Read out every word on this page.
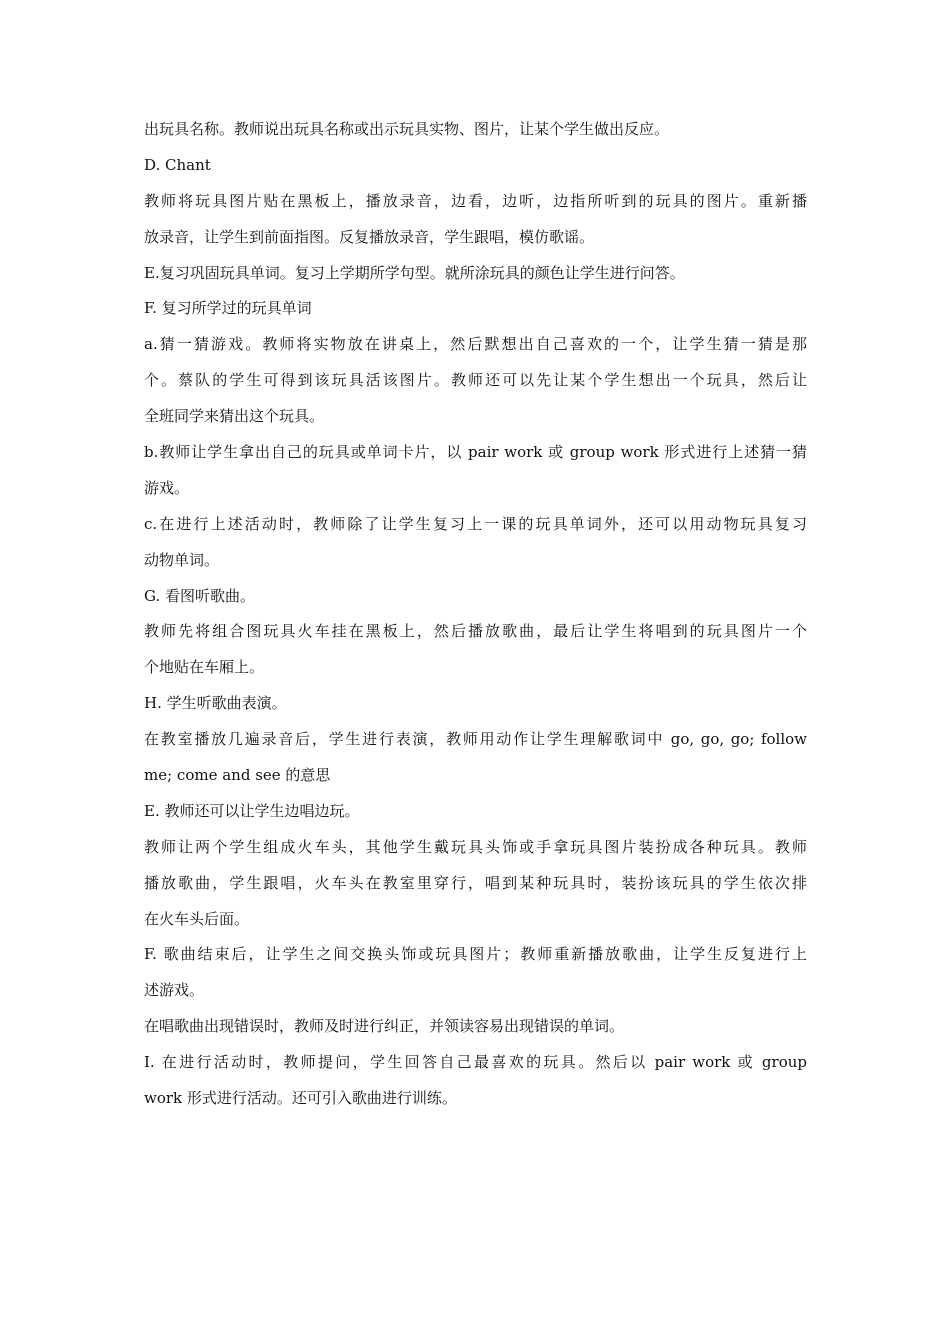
出玩具名称。教师说出玩具名称或出示玩具实物、图片，让某个学生做出反应。
D. Chant
教师将玩具图片贴在黑板上，播放录音，边看，边听，边指所听到的玩具的图片。重新播
放录音，让学生到前面指图。反复播放录音，学生跟唱，模仿歌谣。
E.复习巩固玩具单词。复习上学期所学句型。就所涂玩具的颜色让学生进行问答。
F. 复习所学过的玩具单词
a.猜一猜游戏。教师将实物放在讲桌上，然后默想出自己喜欢的一个，让学生猜一猜是那
个。蔡队的学生可得到该玩具活该图片。教师还可以先让某个学生想出一个玩具，然后让
全班同学来猜出这个玩具。
b.教师让学生拿出自己的玩具或单词卡片，以 pair work 或 group work 形式进行上述猜一猜
游戏。
c.在进行上述活动时，教师除了让学生复习上一课的玩具单词外，还可以用动物玩具复习
动物单词。
G. 看图听歌曲。
教师先将组合图玩具火车挂在黑板上，然后播放歌曲，最后让学生将唱到的玩具图片一个
个地贴在车厢上。
H. 学生听歌曲表演。
在教室播放几遍录音后，学生进行表演，教师用动作让学生理解歌词中 go, go, go; follow
me; come and see 的意思
E. 教师还可以让学生边唱边玩。
教师让两个学生组成火车头，其他学生戴玩具头饰或手拿玩具图片装扮成各种玩具。教师
播放歌曲，学生跟唱，火车头在教室里穿行，唱到某种玩具时，装扮该玩具的学生依次排
在火车头后面。
F. 歌曲结束后，让学生之间交换头饰或玩具图片；教师重新播放歌曲，让学生反复进行上
述游戏。
在唱歌曲出现错误时，教师及时进行纠正，并领读容易出现错误的单词。
I. 在进行活动时，教师提问，学生回答自己最喜欢的玩具。然后以 pair work 或 group
work 形式进行活动。还可引入歌曲进行训练。
